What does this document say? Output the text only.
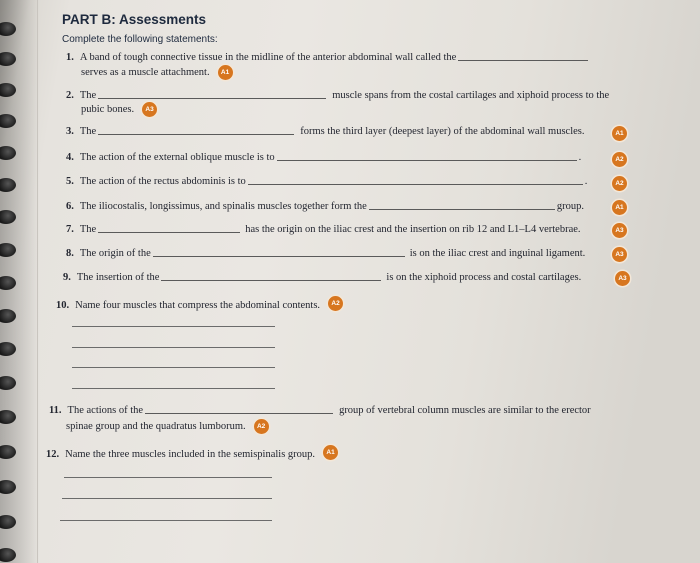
PART B: Assessments
Complete the following statements:
1. A band of tough connective tissue in the midline of the anterior abdominal wall called the
serves as a muscle attachment.	A1
2. The	muscle spans from the costal cartilages and xiphoid process to the
pubic bones.	A3
3. The	forms the third layer (deepest layer) of the abdominal wall muscles.	A1
4. The action of the external oblique muscle is to	.	A2
5. The action of the rectus abdominis is to	.	A2
6. The iliocostalis, longissimus, and spinalis muscles together form the	group.	A1
7. The	has the origin on the iliac crest and the insertion on rib 12 and L1–L4 vertebrae.	A3
8. The origin of the	is on the iliac crest and inguinal ligament.	A3
9. The insertion of the	is on the xiphoid process and costal cartilages.	A3
10. Name four muscles that compress the abdominal contents.	A2
11. The actions of the	group of vertebral column muscles are similar to the erector
spinae group and the quadratus lumborum.	A2
12. Name the three muscles included in the semispinalis group.	A1
